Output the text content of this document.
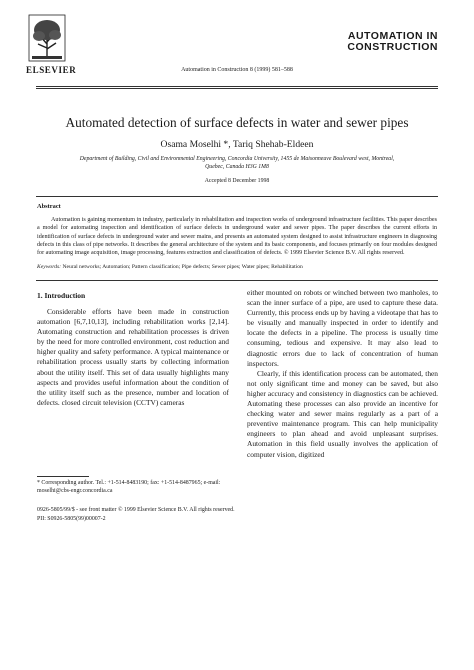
ELSEVIER
AUTOMATION IN
CONSTRUCTION
Automation in Construction 8 (1999) 581–588
Automated detection of surface defects in water and sewer pipes
Osama Moselhi *, Tariq Shehab-Eldeen
Department of Building, Civil and Environmental Engineering, Concordia University, 1455 de Maisonneuve Boulevard west, Montreal,
Quebec, Canada H3G 1M8
Accepted 8 December 1998
Abstract

Automation is gaining momentum in industry, particularly in rehabilitation and inspection works of underground infrastructure facilities. This paper describes a model for automating inspection and identification of surface defects in underground water and sewer pipes. The paper describes the current efforts in identification of surface defects in underground water and sewer mains, and presents an automated system designed to assist infrastructure engineers in diagnosing defects in this class of pipe networks. It describes the general architecture of the system and its basic components, and focuses primarily on four modules designed for automating image acquisition, image processing, features extraction and classification of defects. © 1999 Elsevier Science B.V. All rights reserved.

Keywords: Neural networks; Automation; Pattern classification; Pipe defects; Sewer pipes; Water pipes; Rehabilitation
1. Introduction

Considerable efforts have been made in construction automation [6,7,10,13], including rehabilitation works [2,14]. Automating construction and rehabilitation processes is driven by the need for more controlled environment, cost reduction and higher quality and safety performance. A typical maintenance or rehabilitation process usually starts by collecting information about the utility itself. This set of data usually highlights many aspects and provides useful information about the condition of the utility itself such as the presence, number and location of defects. closed circuit television (CCTV) cameras

either mounted on robots or winched between two manholes, to scan the inner surface of a pipe, are used to capture these data. Currently, this process ends up by having a videotape that has to be visually and manually inspected in order to identify and locate the defects in a pipeline. The process is usually time consuming, tedious and expensive. It may also lead to diagnostic errors due to lack of concentration of human inspectors.

Clearly, if this identification process can be automated, then not only significant time and money can be saved, but also higher accuracy and consistency in diagnostics can be achieved. Automating these processes can also provide an incentive for checking water and sewer mains regularly as a part of a preventive maintenance program. This can help municipality engineers to plan ahead and avoid unpleasant surprises. Automation in this field usually involves the application of computer vision, digitized

* Corresponding author. Tel.: +1-514-8483190; fax: +1-514-8487965; e-mail: moselhi@cbs-engr.concordia.ca

0926-5805/99/$ - see front matter © 1999 Elsevier Science B.V. All rights reserved.
PII: S0926-5805(99)00007-2
